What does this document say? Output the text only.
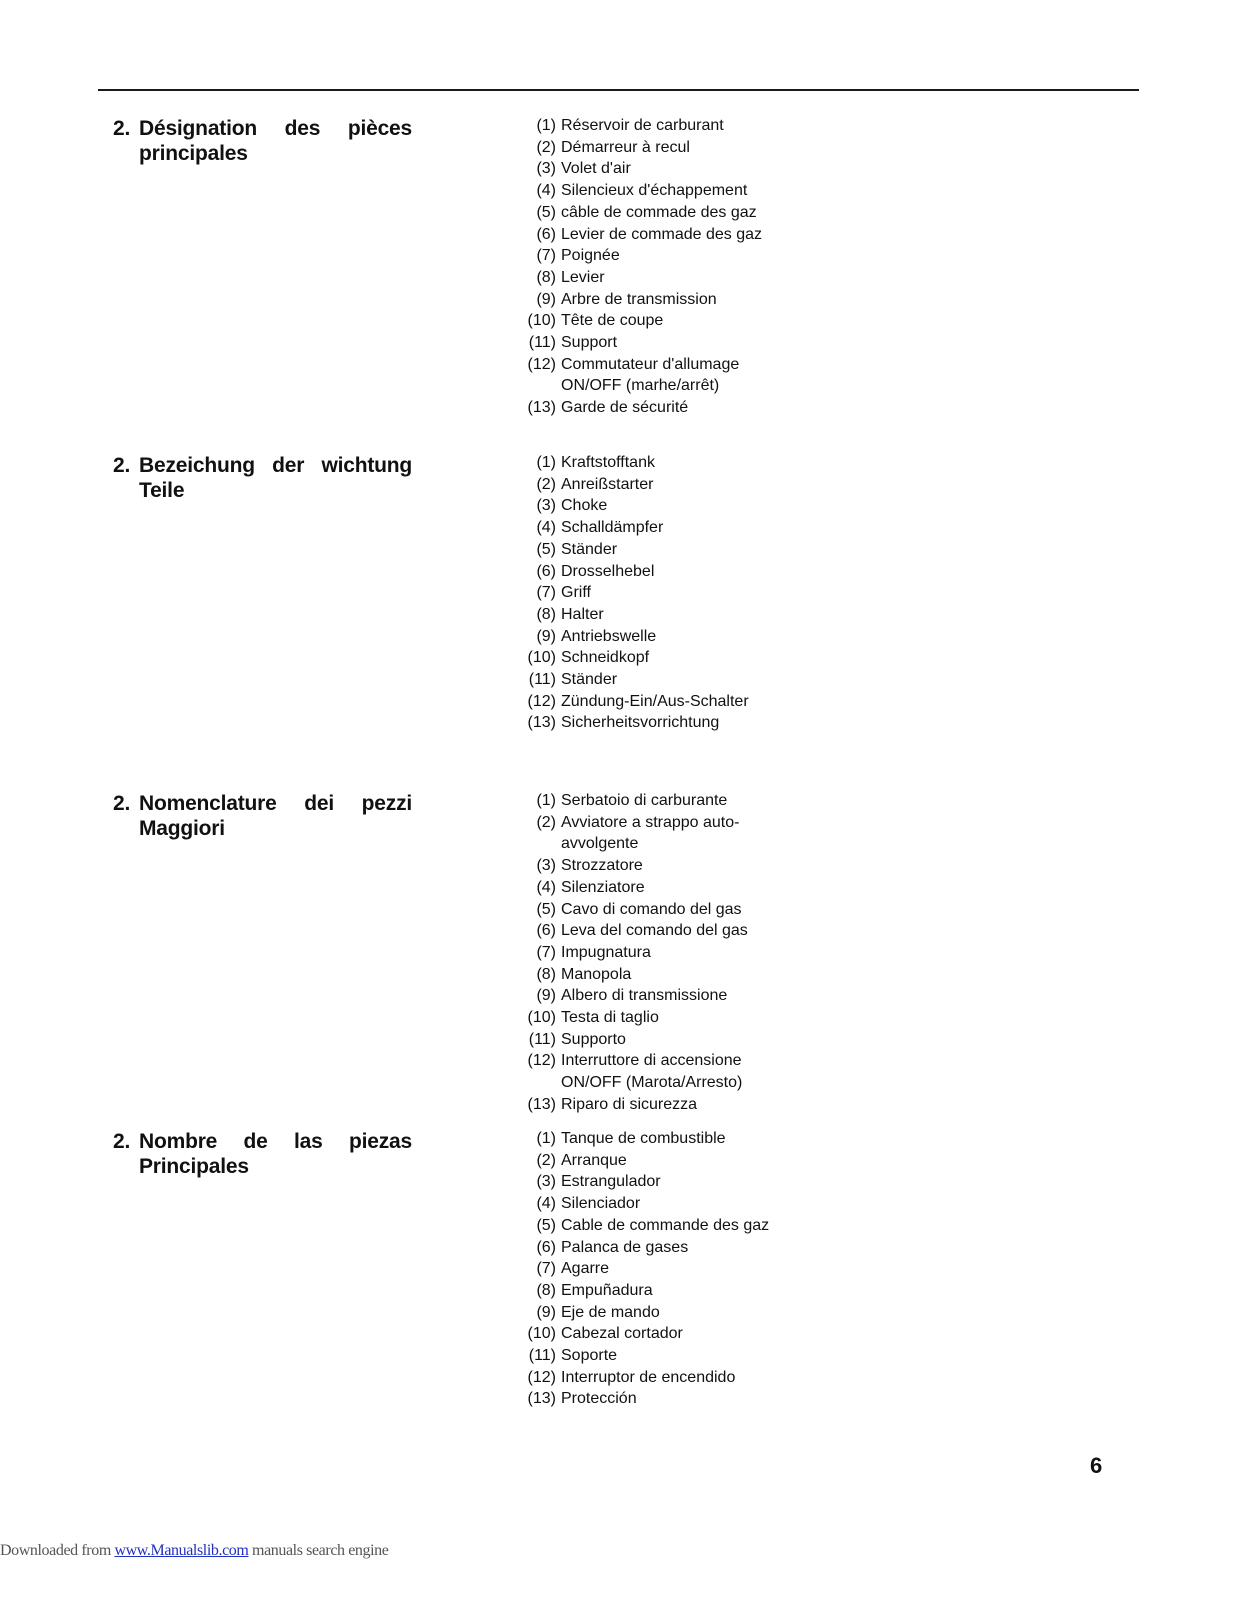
2. Désignation des pièces
principales
(1) Réservoir de carburant
(2) Démarreur à recul
(3) Volet d'air
(4) Silencieux d'échappement
(5) câble de commade des gaz
(6) Levier de commade des gaz
(7) Poignée
(8) Levier
(9) Arbre de transmission
(10) Tête de coupe
(11) Support
(12) Commutateur d'allumage
ON/OFF (marhe/arrêt)
(13) Garde de sécurité
2. Bezeichung der wichtung
Teile
(1) Kraftstofftank
(2) Anreißstarter
(3) Choke
(4) Schalldämpfer
(5) Ständer
(6) Drosselhebel
(7) Griff
(8) Halter
(9) Antriebswelle
(10) Schneidkopf
(11) Ständer
(12) Zündung-Ein/Aus-Schalter
(13) Sicherheitsvorrichtung
2. Nomenclature dei pezzi
Maggiori
(1) Serbatoio di carburante
(2) Avviatore a strappo auto-
avvolgente
(3) Strozzatore
(4) Silenziatore
(5) Cavo di comando del gas
(6) Leva del comando del gas
(7) Impugnatura
(8) Manopola
(9) Albero di transmissione
(10) Testa di taglio
(11) Supporto
(12) Interruttore di accensione
ON/OFF (Marota/Arresto)
(13) Riparo di sicurezza
2. Nombre de las piezas
Principales
(1) Tanque de combustible
(2) Arranque
(3) Estrangulador
(4) Silenciador
(5) Cable de commande des gaz
(6) Palanca de gases
(7) Agarre
(8) Empuñadura
(9) Eje de mando
(10) Cabezal cortador
(11) Soporte
(12) Interruptor de encendido
(13) Protección
6
Downloaded from www.Manualslib.com manuals search engine
